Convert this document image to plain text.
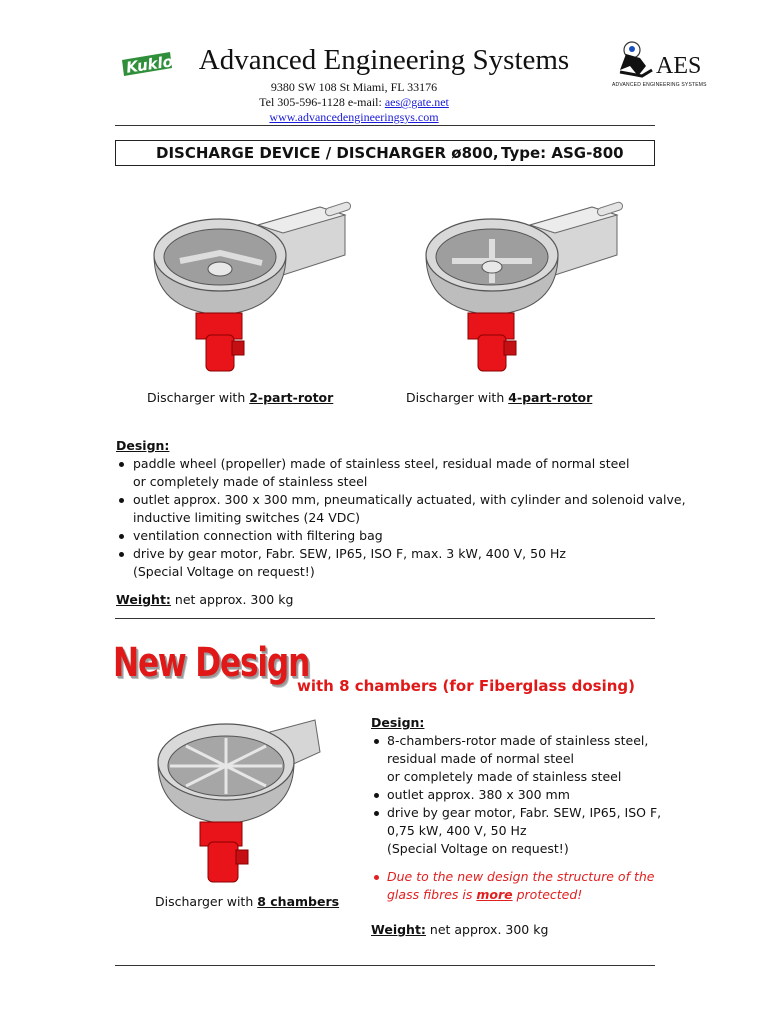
Kuklo Advanced Engineering Systems
9380 SW 108 St Miami, FL 33176
Tel 305-596-1128 e-mail: aes@gate.net
www.advancedengineeringsys.com
AES
ADVANCED ENGINEERING SYSTEMS
DISCHARGE DEVICE / DISCHARGER ø800, Type: ASG-800
Discharger with 2-part-rotor	Discharger with 4-part-rotor
Design:
paddle wheel (propeller) made of stainless steel, residual made of normal steel
or completely made of stainless steel
outlet approx. 300 x 300 mm, pneumatically actuated, with cylinder and solenoid valve,
inductive limiting switches (24 VDC)
ventilation connection with filtering bag
drive by gear motor, Fabr. SEW, IP65, ISO F, max. 3 kW, 400 V, 50 Hz
(Special Voltage on request!)
Weight: net approx. 300 kg
New Design
with 8 chambers (for Fiberglass dosing)
Discharger with 8 chambers
Design:
8-chambers-rotor made of stainless steel,
residual made of normal steel
or completely made of stainless steel
outlet approx. 380 x 300 mm
drive by gear motor, Fabr. SEW, IP65, ISO F,
0,75 kW, 400 V, 50 Hz
(Special Voltage on request!)
Due to the new design the structure of the
glass fibres is more protected!
Weight: net approx. 300 kg
